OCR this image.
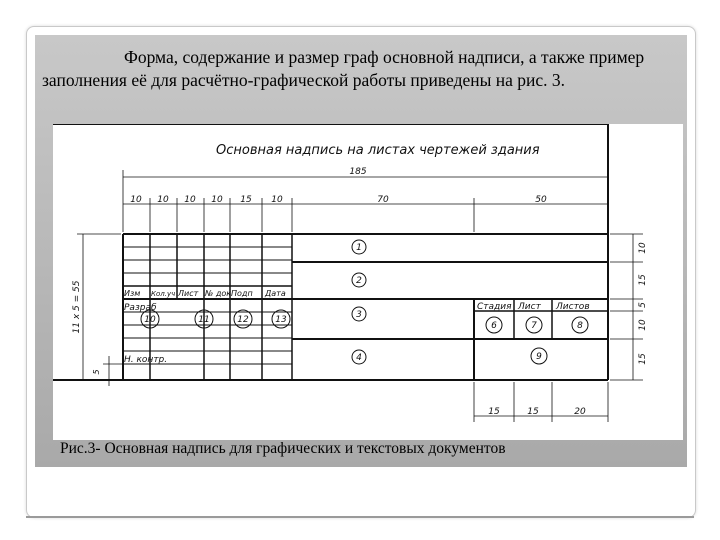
Форма, содержание и размер граф основной надписи, а также пример заполнения её для расчётно-графической работы приведены на рис. 3.

Основная надпись на листах чертежей здания
185
10 10 10 10 15 10	70	50
10
15
5
10
15
15	15	20
11 x 5 = 55
5
Изм Кол.уч Лист № док Подп Дата
Разраб
Н. контр.
Стадия Лист Листов
1
2
3
4
6	7	8
9
10	11	12	13
Рис.3- Основная надпись для графических и текстовых документов
